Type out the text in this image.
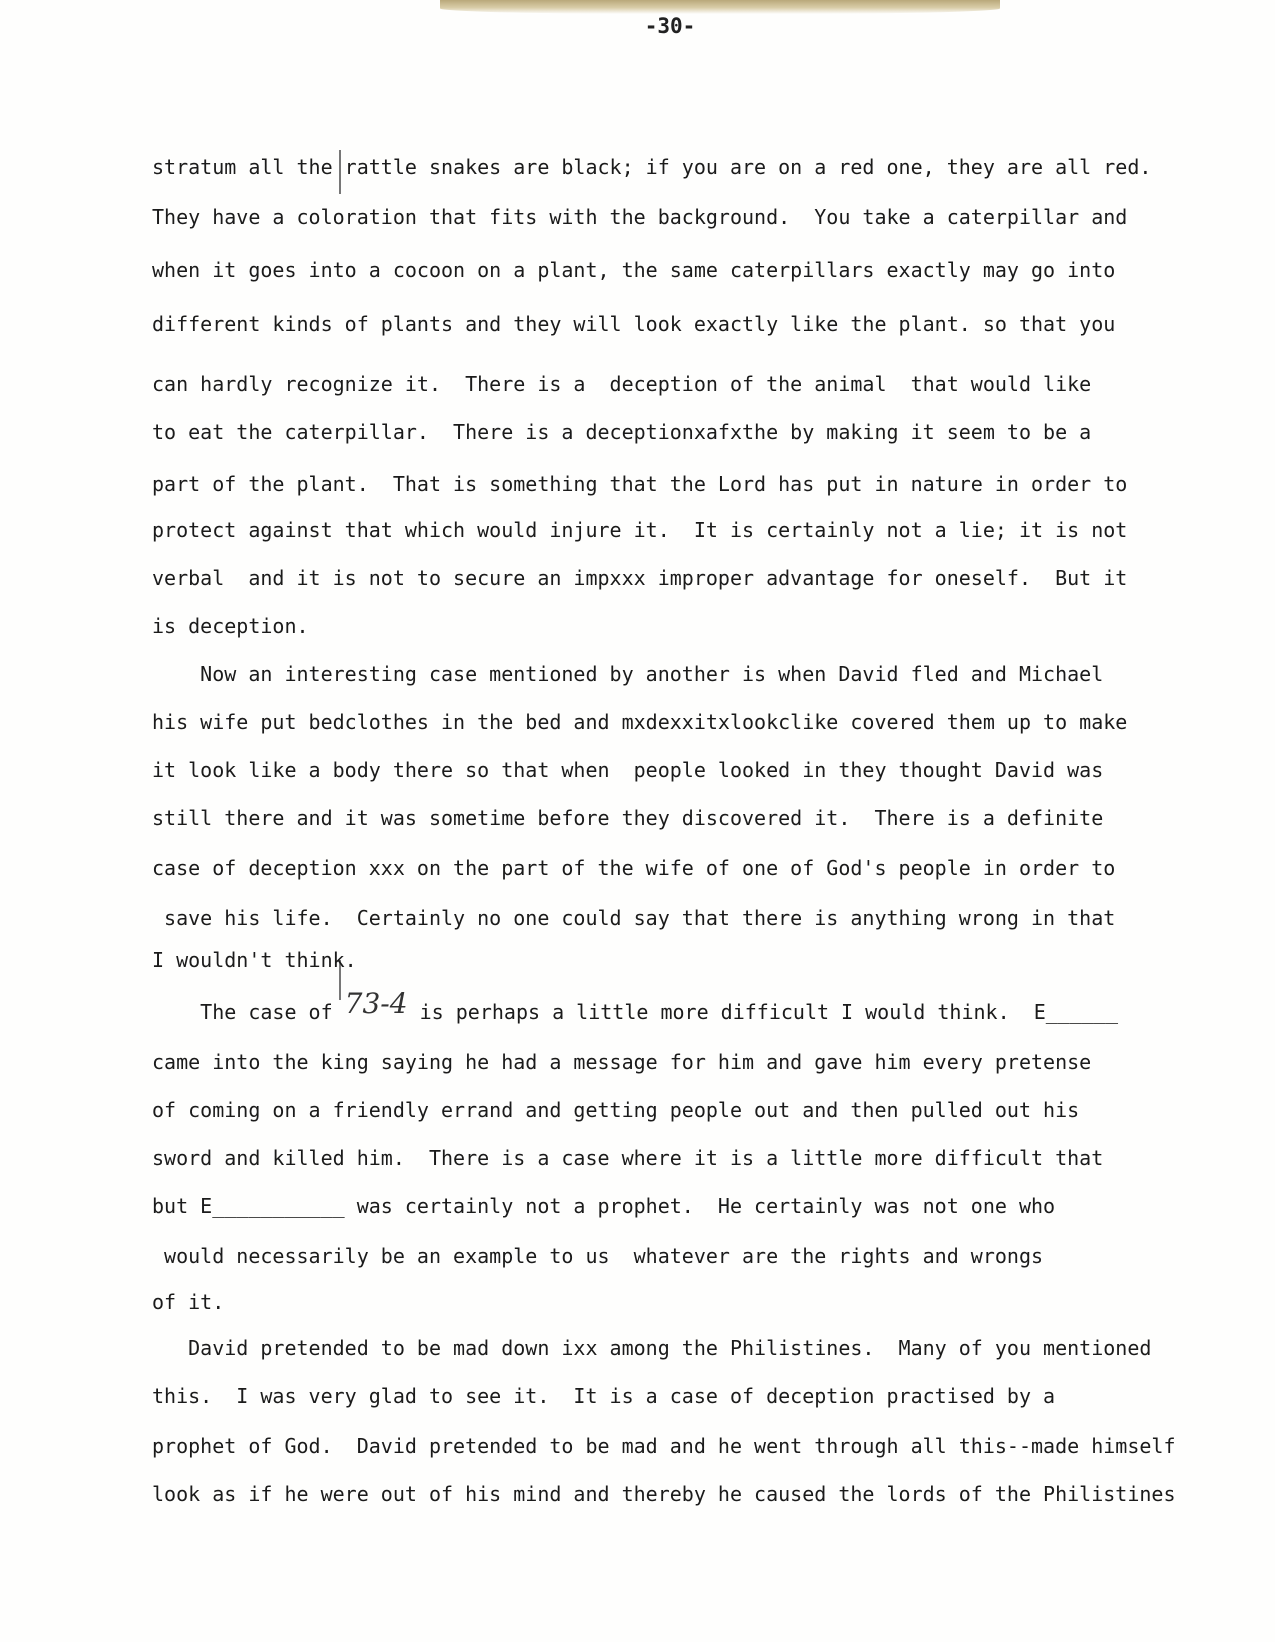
-30-
stratum all the rattle snakes are black; if you are on a red one, they are all red.
They have a coloration that fits with the background.  You take a caterpillar and
when it goes into a cocoon on a plant, the same caterpillars exactly may go into
different kinds of plants and they will look exactly like the plant. so that you
can hardly recognize it.  There is a  deception of the animal  that would like
to eat the caterpillar.  There is a deceptionxafxthe by making it seem to be a
part of the plant.  That is something that the Lord has put in nature in order to
protect against that which would injure it.  It is certainly not a lie; it is not
verbal  and it is not to secure an impxxx improper advantage for oneself.  But it
is deception.
Now an interesting case mentioned by another is when David fled and Michael
his wife put bedclothes in the bed and mxdexxitxlookclike covered them up to make
it look like a body there so that when  people looked in they thought David was
still there and it was sometime before they discovered it.  There is a definite
case of deception xxx on the part of the wife of one of God's people in order to
save his life.  Certainly no one could say that there is anything wrong in that
I wouldn't think.
The case of 73-4 is perhaps a little more difficult I would think.  E______
came into the king saying he had a message for him and gave him every pretense
of coming on a friendly errand and getting people out and then pulled out his
sword and killed him.  There is a case where it is a little more difficult that
but E___________ was certainly not a prophet.  He certainly was not one who
would necessarily be an example to us  whatever are the rights and wrongs
of it.
David pretended to be mad down ixx among the Philistines.  Many of you mentioned
this.  I was very glad to see it.  It is a case of deception practised by a
prophet of God.  David pretended to be mad and he went through all this--made himself
look as if he were out of his mind and thereby he caused the lords of the Philistines
